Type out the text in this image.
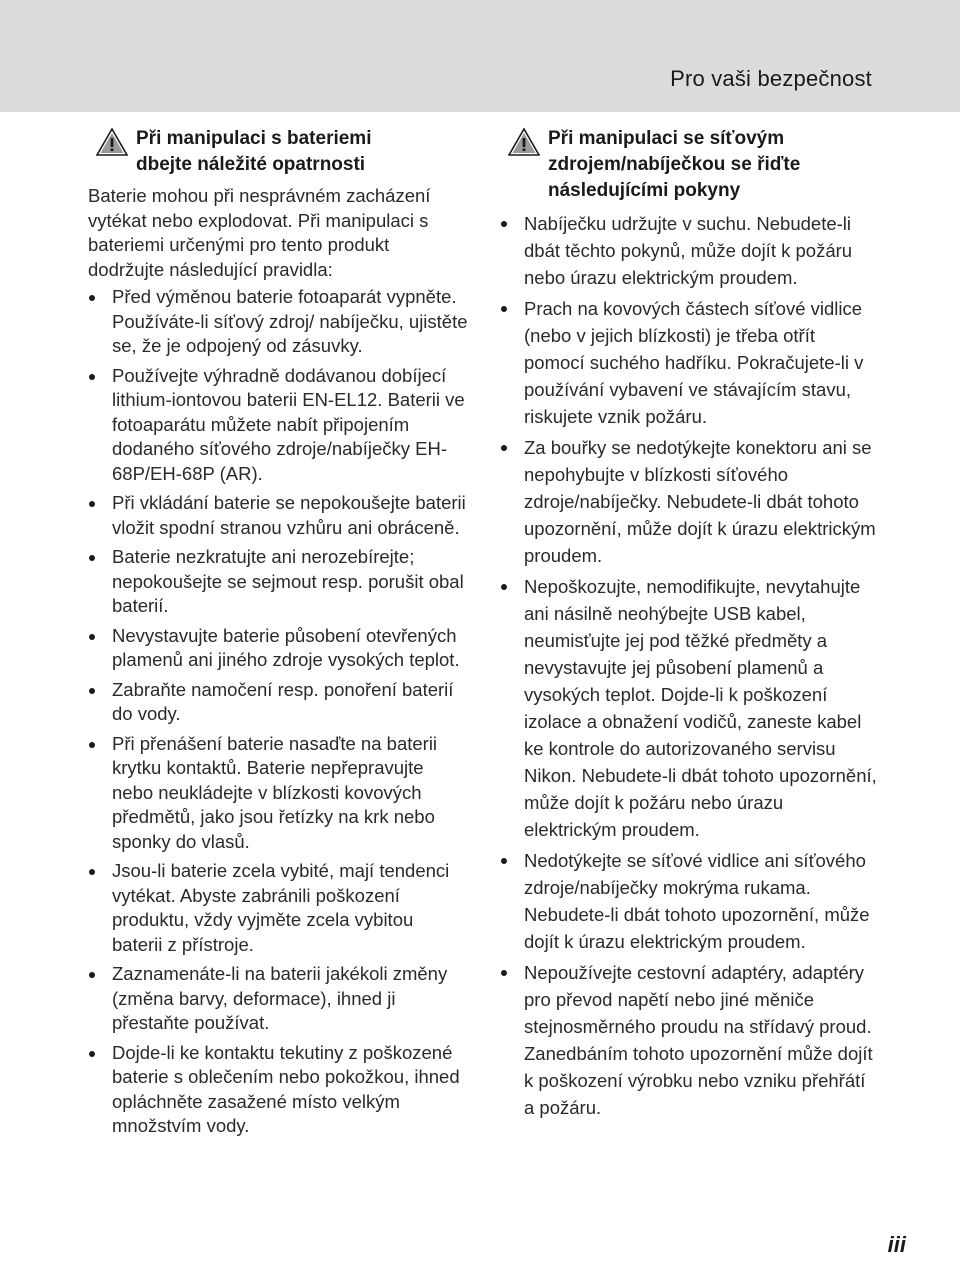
Pro vaši bezpečnost
Při manipulaci s bateriemi
dbejte náležité opatrnosti

Baterie mohou při nesprávném zacházení vytékat nebo explodovat. Při manipulaci s bateriemi určenými pro tento produkt dodržujte následující pravidla:

Před výměnou baterie fotoaparát vypněte. Používáte-li síťový zdroj/ nabíječku, ujistěte se, že je odpojený od zásuvky.
Používejte výhradně dodávanou dobíjecí lithium-iontovou baterii EN-EL12. Baterii ve fotoaparátu můžete nabít připojením dodaného síťového zdroje/nabíječky EH-68P/EH-68P (AR).
Při vkládání baterie se nepokoušejte baterii vložit spodní stranou vzhůru ani obráceně.
Baterie nezkratujte ani nerozebírejte; nepokoušejte se sejmout resp. porušit obal baterií.
Nevystavujte baterie působení otevřených plamenů ani jiného zdroje vysokých teplot.
Zabraňte namočení resp. ponoření baterií do vody.
Při přenášení baterie nasaďte na baterii krytku kontaktů. Baterie nepřepravujte nebo neukládejte v blízkosti kovových předmětů, jako jsou řetízky na krk nebo sponky do vlasů.
Jsou-li baterie zcela vybité, mají tendenci vytékat. Abyste zabránili poškození produktu, vždy vyjměte zcela vybitou baterii z přístroje.
Zaznamenáte-li na baterii jakékoli změny (změna barvy, deformace), ihned ji přestaňte používat.
Dojde-li ke kontaktu tekutiny z poškozené baterie s oblečením nebo pokožkou, ihned opláchněte zasažené místo velkým množstvím vody.
Při manipulaci se síťovým
zdrojem/nabíječkou se řiďte
následujícími pokyny
Nabíječku udržujte v suchu. Nebudete-li dbát těchto pokynů, může dojít k požáru nebo úrazu elektrickým proudem.
Prach na kovových částech síťové vidlice (nebo v jejich blízkosti) je třeba otřít pomocí suchého hadříku. Pokračujete-li v používání vybavení ve stávajícím stavu, riskujete vznik požáru.
Za bouřky se nedotýkejte konektoru ani se nepohybujte v blízkosti síťového zdroje/nabíječky. Nebudete-li dbát tohoto upozornění, může dojít k úrazu elektrickým proudem.
Nepoškozujte, nemodifikujte, nevytahujte ani násilně neohýbejte USB kabel, neumisťujte jej pod těžké předměty a nevystavujte jej působení plamenů a vysokých teplot. Dojde-li k poškození izolace a obnažení vodičů, zaneste kabel ke kontrole do autorizovaného servisu Nikon. Nebudete-li dbát tohoto upozornění, může dojít k požáru nebo úrazu elektrickým proudem.
Nedotýkejte se síťové vidlice ani síťového zdroje/nabíječky mokrýma rukama. Nebudete-li dbát tohoto upozornění, může dojít k úrazu elektrickým proudem.
Nepoužívejte cestovní adaptéry, adaptéry pro převod napětí nebo jiné měniče stejnosměrného proudu na střídavý proud. Zanedbáním tohoto upozornění může dojít k poškození výrobku nebo vzniku přehřátí a požáru.
iii
